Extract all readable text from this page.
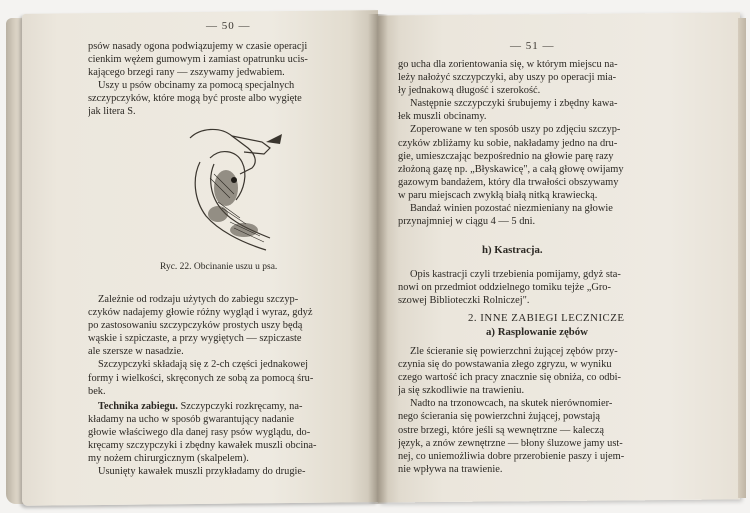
— 50 —
psów nasady ogona podwiązujemy w czasie operacji
cienkim wężem gumowym i zamiast opatrunku ucis-
kającego brzegi rany — zszywamy jedwabiem.
Uszy u psów obcinamy za pomocą specjalnych
szczypczyków, które mogą być proste albo wygięte
jak litera S.
Ryc. 22. Obcinanie uszu u psa.
Zależnie od rodzaju użytych do zabiegu szczyp-
czyków nadajemy głowie różny wygląd i wyraz, gdyż
po zastosowaniu szczypczyków prostych uszy będą
wąskie i szpiczaste, a przy wygiętych — szpiczaste
ale szersze w nasadzie.
Szczypczyki składają się z 2-ch części jednakowej
formy i wielkości, skręconych ze sobą za pomocą śru-
bek.
Technika zabiegu. Szczypczyki rozkręcamy, na-
kładamy na ucho w sposób gwarantujący nadanie
głowie właściwego dla danej rasy psów wyglądu, do-
kręcamy szczypczyki i zbędny kawałek muszli obcina-
my nożem chirurgicznym (skalpelem).
Usunięty kawałek muszli przykładamy do drugie-
— 51 —
go ucha dla zorientowania się, w którym miejscu na-
leży nałożyć szczypczyki, aby uszy po operacji mia-
ły jednakową długość i szerokość.
Następnie szczypczyki śrubujemy i zbędny kawa-
łek muszli obcinamy.
Zoperowane w ten sposób uszy po zdjęciu szczyp-
czyków zbliżamy ku sobie, nakładamy jedno na dru-
gie, umieszczając bezpośrednio na głowie parę razy
złożoną gazę np. „Błyskawicę", a całą głowę owijamy
gazowym bandażem, który dla trwałości obszywamy
w paru miejscach zwykłą białą nitką krawiecką.
Bandaż winien pozostać niezmieniany na głowie
przynajmniej w ciągu 4 — 5 dni.
h) Kastracja.
Opis kastracji czyli trzebienia pomijamy, gdyż sta-
nowi on przedmiot oddzielnego tomiku tejże „Gro-
szowej Biblioteczki Rolniczej".
2. INNE ZABIEGI LECZNICZE
a) Rasplowanie zębów
Zle ścieranie się powierzchni żującej zębów przy-
czynia się do powstawania złego zgryzu, w wyniku
czego wartość ich pracy znacznie się obniża, co odbi-
ja się szkodliwie na trawieniu.
Nadto na trzonowcach, na skutek nierównomier-
nego ścierania się powierzchni żującej, powstają
ostre brzegi, które jeśli są wewnętrzne — kaleczą
język, a znów zewnętrzne — błony śluzowe jamy ust-
nej, co uniemożliwia dobre przerobienie paszy i ujem-
nie wpływa na trawienie.
